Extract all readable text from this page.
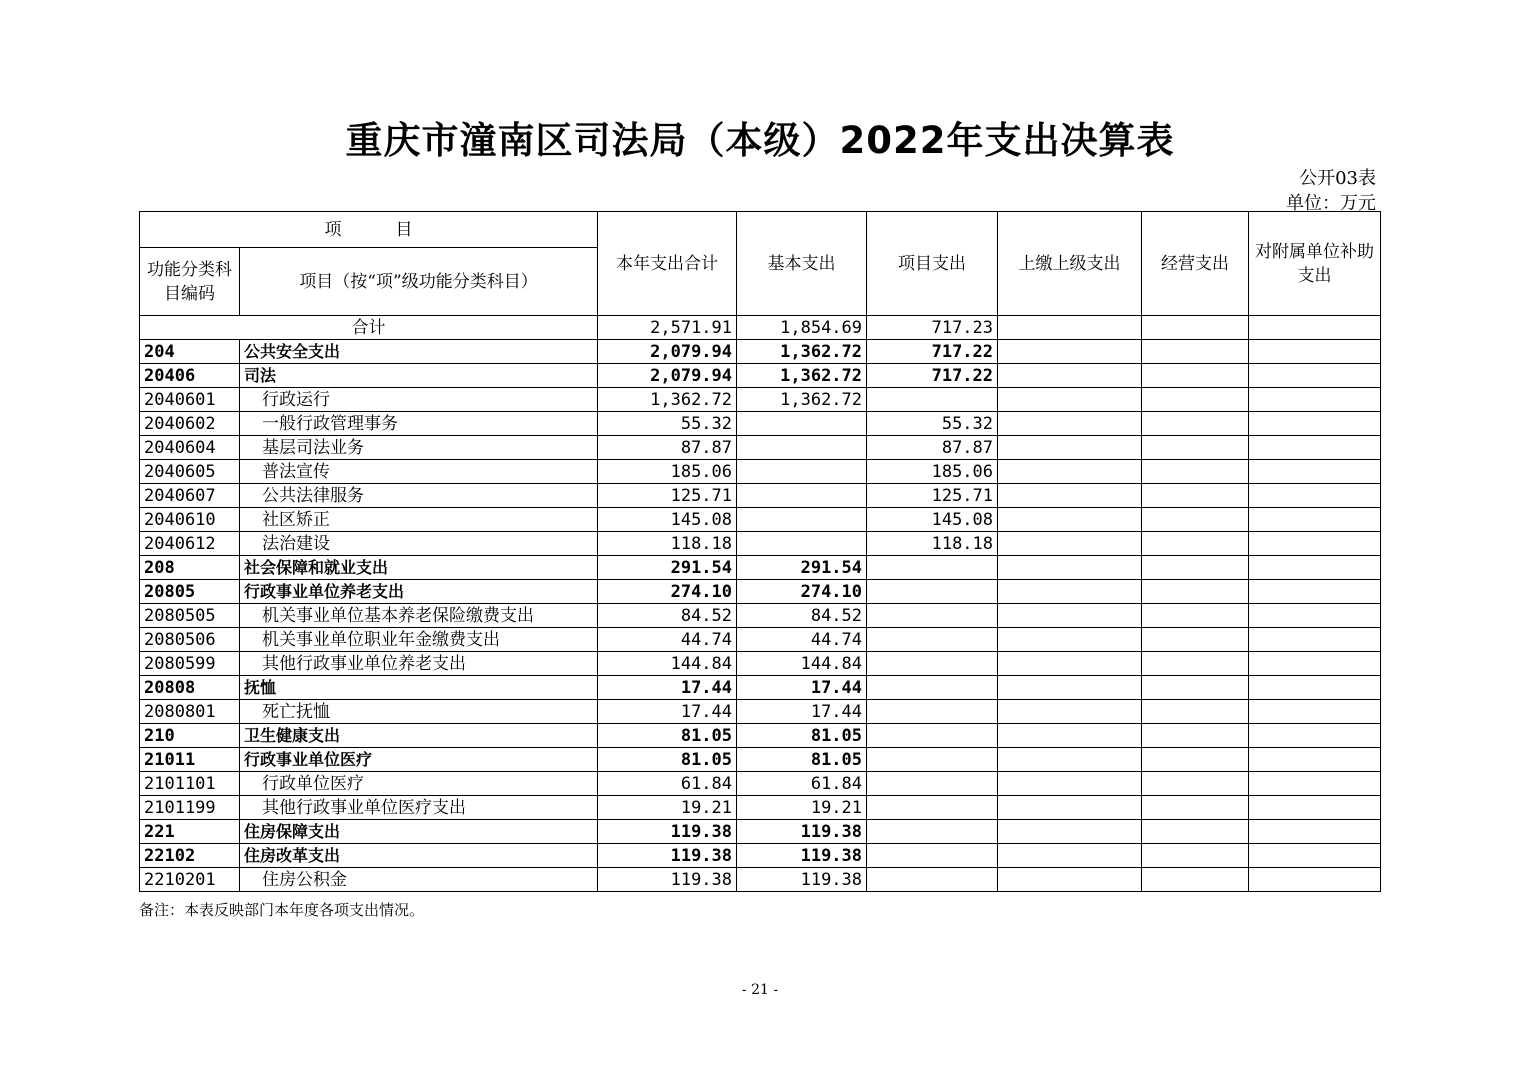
重庆市潼南区司法局（本级）2022年支出决算表
公开03表
单位：万元
项          目		本年支出合计	基本支出	项目支出	上缴上级支出	经营支出	对附属单位补助支出
功能分类科目编码	项目（按“项”级功能分类科目）						
合计		2,571.91	1,854.69	717.23			
204	公共安全支出	2,079.94	1,362.72	717.22			
20406	司法	2,079.94	1,362.72	717.22			
2040601	行政运行	1,362.72	1,362.72				
2040602	一般行政管理事务	55.32		55.32			
2040604	基层司法业务	87.87		87.87			
2040605	普法宣传	185.06		185.06			
2040607	公共法律服务	125.71		125.71			
2040610	社区矫正	145.08		145.08			
2040612	法治建设	118.18		118.18			
208	社会保障和就业支出	291.54	291.54				
20805	行政事业单位养老支出	274.10	274.10				
2080505	机关事业单位基本养老保险缴费支出	84.52	84.52				
2080506	机关事业单位职业年金缴费支出	44.74	44.74				
2080599	其他行政事业单位养老支出	144.84	144.84				
20808	抚恤	17.44	17.44				
2080801	死亡抚恤	17.44	17.44				
210	卫生健康支出	81.05	81.05				
21011	行政事业单位医疗	81.05	81.05				
2101101	行政单位医疗	61.84	61.84				
2101199	其他行政事业单位医疗支出	19.21	19.21				
221	住房保障支出	119.38	119.38				
22102	住房改革支出	119.38	119.38				
2210201	住房公积金	119.38	119.38				
备注：本表反映部门本年度各项支出情况。
- 21 -
